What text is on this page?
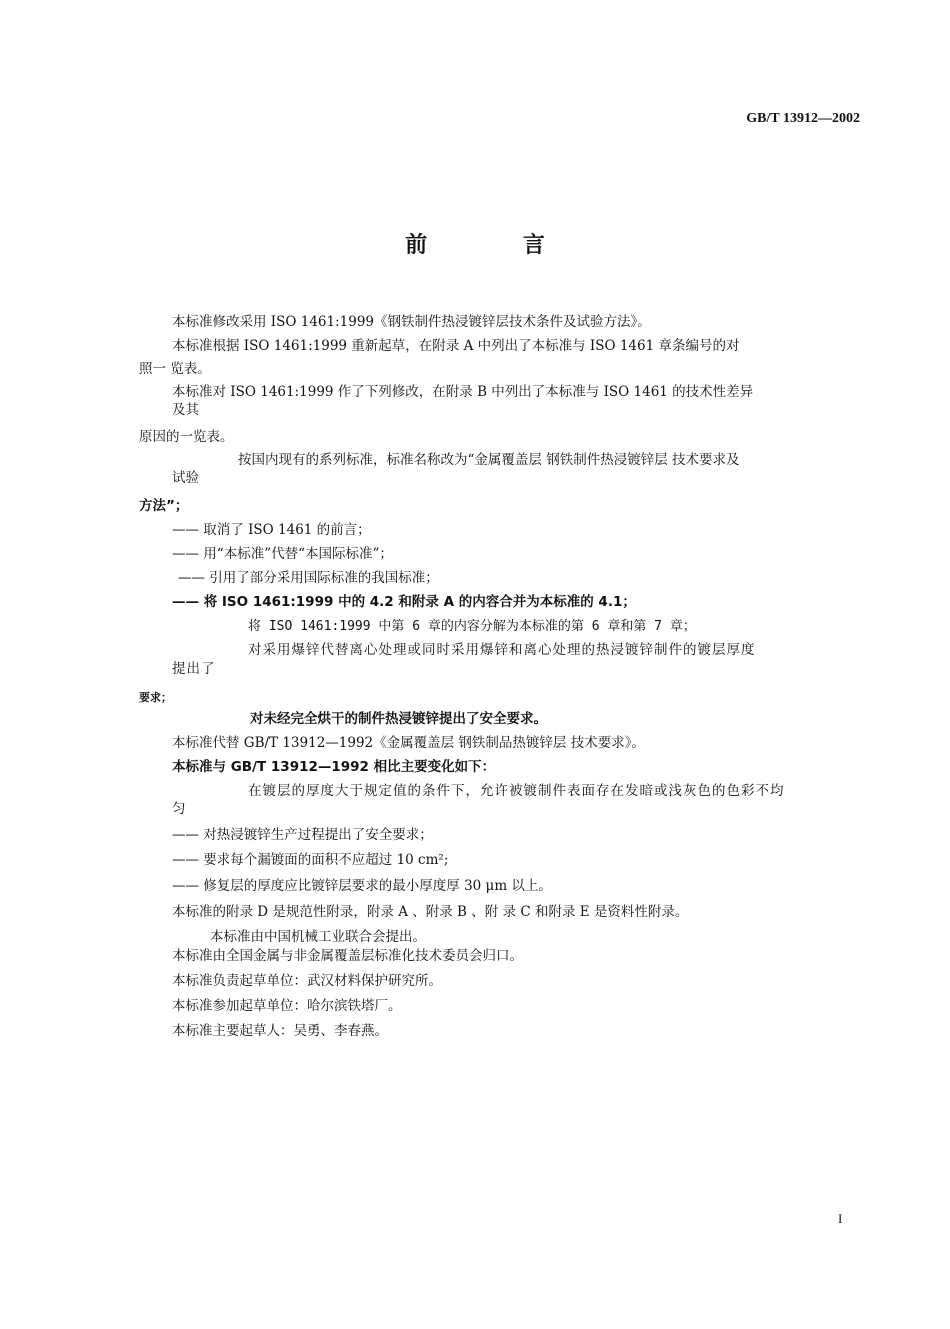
GB/T 13912—2002
前 言
本标准修改采用 ISO 1461:1999《钢铁制件热浸镀锌层技术条件及试验方法》。
本标准根据 ISO 1461:1999 重新起草，在附录 A 中列出了本标准与 ISO 1461 章条编号的对
照一 览表。
本标准对 ISO 1461:1999 作了下列修改，在附录 B 中列出了本标准与 ISO 1461 的技术性差异
及其
原因的一览表。
按国内现有的系列标准，标准名称改为“金属覆盖层 钢铁制件热浸镀锌层 技术要求及
试验
方法”；
—— 取消了 ISO 1461 的前言；
—— 用“本标准”代替“本国际标准”；
—— 引用了部分采用国际标准的我国标准；
—— 将 ISO 1461:1999 中的 4.2 和附录 A 的内容合并为本标准的 4.1；
将 ISO 1461:1999 中第 6 章的内容分解为本标准的第 6 章和第 7 章；
对采用爆锌代替离心处理或同时采用爆锌和离心处理的热浸镀锌制件的镀层厚度
提出了
要求；
对未经完全烘干的制件热浸镀锌提出了安全要求。
本标准代替 GB/T 13912—1992《金属覆盖层 钢铁制品热镀锌层 技术要求》。
本标准与 GB/T 13912—1992 相比主要变化如下：
在镀层的厚度大于规定值的条件下，允许被镀制件表面存在发暗或浅灰色的色彩不均
匀
—— 对热浸镀锌生产过程提出了安全要求；
—— 要求每个漏镀面的面积不应超过 10 cm²;
—— 修复层的厚度应比镀锌层要求的最小厚度厚 30 μm 以上。
本标准的附录 D 是规范性附录，附录 A 、附录 B 、附 录 C 和附录 E 是资料性附录。
本标准由中国机械工业联合会提出。
本标准由全国金属与非金属覆盖层标准化技术委员会归口。
本标准负责起草单位：武汉材料保护研究所。
本标准参加起草单位：哈尔滨铁塔厂。
本标准主要起草人：吴勇、李春燕。
I
